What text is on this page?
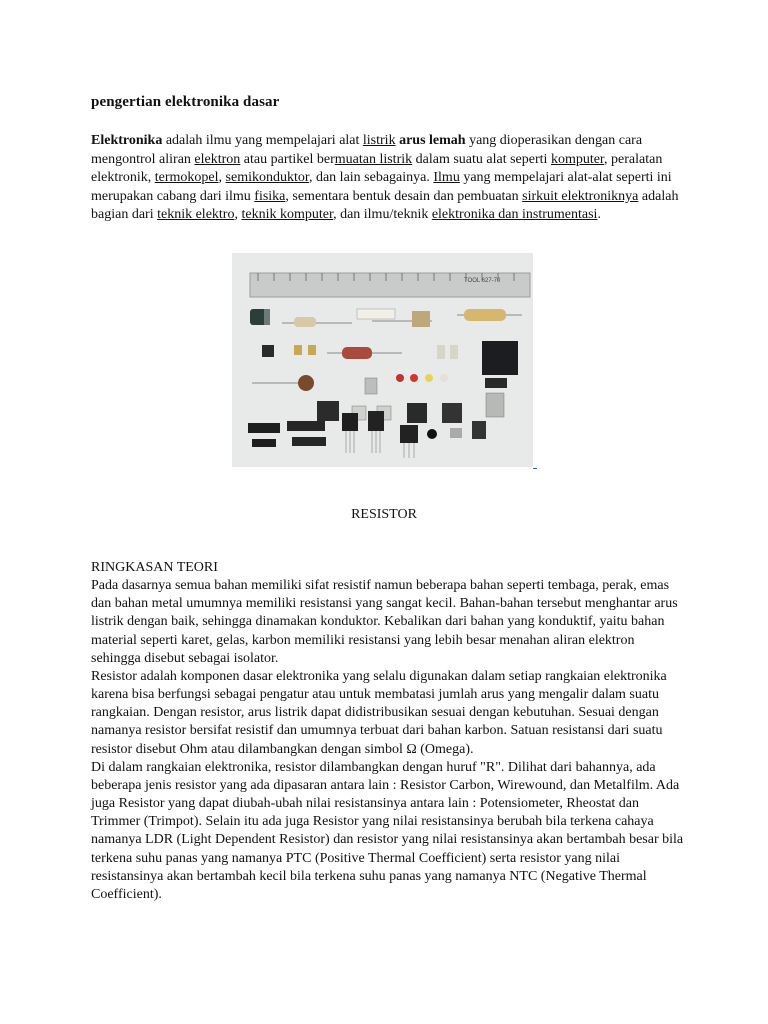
pengertian elektronika dasar
Elektronika adalah ilmu yang mempelajari alat listrik arus lemah yang dioperasikan dengan cara mengontrol aliran elektron atau partikel bermuatan listrik dalam suatu alat seperti komputer, peralatan elektronik, termokopel, semikonduktor, dan lain sebagainya. Ilmu yang mempelajari alat-alat seperti ini merupakan cabang dari ilmu fisika, sementara bentuk desain dan pembuatan sirkuit elektroniknya adalah bagian dari teknik elektro, teknik komputer, dan ilmu/teknik elektronika dan instrumentasi.
TOOL 627-70
RESISTOR

RINGKASAN TEORI

Pada dasarnya semua bahan memiliki sifat resistif namun beberapa bahan seperti tembaga, perak, emas dan bahan metal umumnya memiliki resistansi yang sangat kecil. Bahan-bahan tersebut menghantar arus listrik dengan baik, sehingga dinamakan konduktor. Kebalikan dari bahan yang konduktif, yaitu bahan material seperti karet, gelas, karbon memiliki resistansi yang lebih besar menahan aliran elektron sehingga disebut sebagai isolator.

Resistor adalah komponen dasar elektronika yang selalu digunakan dalam setiap rangkaian elektronika karena bisa berfungsi sebagai pengatur atau untuk membatasi jumlah arus yang mengalir dalam suatu rangkaian. Dengan resistor, arus listrik dapat didistribusikan sesuai dengan kebutuhan. Sesuai dengan namanya resistor bersifat resistif dan umumnya terbuat dari bahan karbon. Satuan resistansi dari suatu resistor disebut Ohm atau dilambangkan dengan simbol Ω (Omega).

Di dalam rangkaian elektronika, resistor dilambangkan dengan huruf "R". Dilihat dari bahannya, ada beberapa jenis resistor yang ada dipasaran antara lain : Resistor Carbon, Wirewound, dan Metalfilm. Ada juga Resistor yang dapat diubah-ubah nilai resistansinya antara lain : Potensiometer, Rheostat dan Trimmer (Trimpot). Selain itu ada juga Resistor yang nilai resistansinya berubah bila terkena cahaya namanya LDR (Light Dependent Resistor) dan resistor yang nilai resistansinya akan bertambah besar bila terkena suhu panas yang namanya PTC (Positive Thermal Coefficient) serta resistor yang nilai resistansinya akan bertambah kecil bila terkena suhu panas yang namanya NTC (Negative Thermal Coefficient).
